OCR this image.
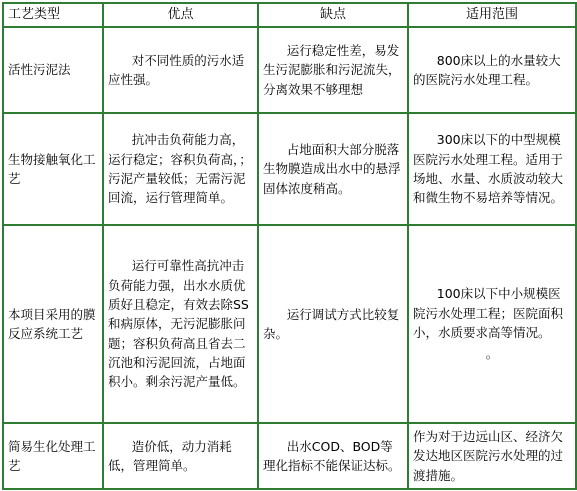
工艺类型	优点	缺点	适用范围
活性污泥法	对不同性质的污水适应性强。	运行稳定性差，易发生污泥膨胀和污泥流失，分离效果不够理想	800床以上的水量较大的医院污水处理工程。
生物接触氧化工艺	抗冲击负荷能力高，运行稳定；容积负荷高，；污泥产量较低；无需污泥回流，运行管理简单。	占地面积大部分脱落生物膜造成出水中的悬浮固体浓度稍高。	300床以下的中型规模医院污水处理工程。适用于场地、水量、水质波动较大和微生物不易培养等情况。
本项目采用的膜反应系统工艺	运行可靠性高抗冲击负荷能力强，出水水质优质好且稳定，有效去除SS和病原体，无污泥膨胀问题；容积负荷高且省去二沉池和污泥回流，占地面积小。剩余污泥产量低。	运行调试方式比较复杂。	100床以下中小规模医院污水处理工程；医院面积小，水质要求高等情况。
。

简易生化处理工艺	造价低，动力消耗低，管理简单。	出水COD、BOD等理化指标不能保证达标。	作为对于边远山区、经济欠发达地区医院污水处理的过渡措施。
